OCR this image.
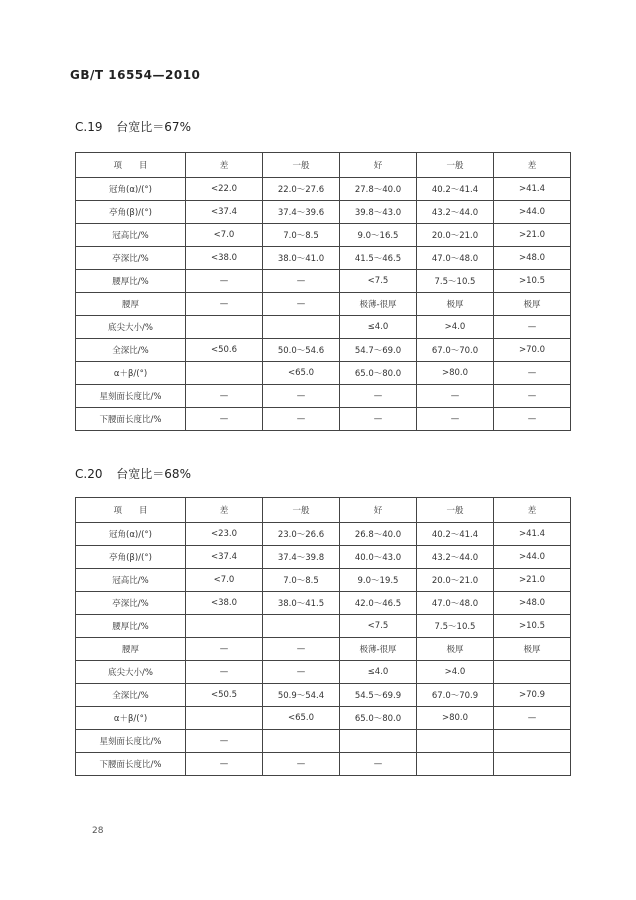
GB/T 16554—2010
C.19 台宽比＝67%
项　　目	差	一般	好	一般	差
冠角(α)/(°)	<22.0	22.0～27.6	27.8～40.0	40.2～41.4	>41.4
亭角(β)/(°)	<37.4	37.4～39.6	39.8～43.0	43.2～44.0	>44.0
冠高比/%	<7.0	7.0～8.5	9.0～16.5	20.0～21.0	>21.0
亭深比/%	<38.0	38.0～41.0	41.5～46.5	47.0～48.0	>48.0
腰厚比/%	—	—	<7.5	7.5～10.5	>10.5
腰厚	—	—	极薄-很厚	极厚	极厚
底尖大小/%			≤4.0	>4.0	—
全深比/%	<50.6	50.0～54.6	54.7～69.0	67.0～70.0	>70.0
α＋β/(°)		<65.0	65.0～80.0	>80.0	—
星刻面长度比/%	—	—	—	—	—
下腰面长度比/%	—	—	—	—	—
C.20 台宽比＝68%
项　　目	差	一般	好	一般	差
冠角(α)/(°)	<23.0	23.0～26.6	26.8～40.0	40.2～41.4	>41.4
亭角(β)/(°)	<37.4	37.4～39.8	40.0～43.0	43.2～44.0	>44.0
冠高比/%	<7.0	7.0～8.5	9.0～19.5	20.0～21.0	>21.0
亭深比/%	<38.0	38.0～41.5	42.0～46.5	47.0～48.0	>48.0
腰厚比/%			<7.5	7.5～10.5	>10.5
腰厚	—	—	极薄-很厚	极厚	极厚
底尖大小/%	—	—	≤4.0	>4.0	
全深比/%	<50.5	50.9～54.4	54.5～69.9	67.0～70.9	>70.9
α＋β/(°)		<65.0	65.0～80.0	>80.0	—
星刻面长度比/%	—				
下腰面长度比/%	—	—	—		
28
